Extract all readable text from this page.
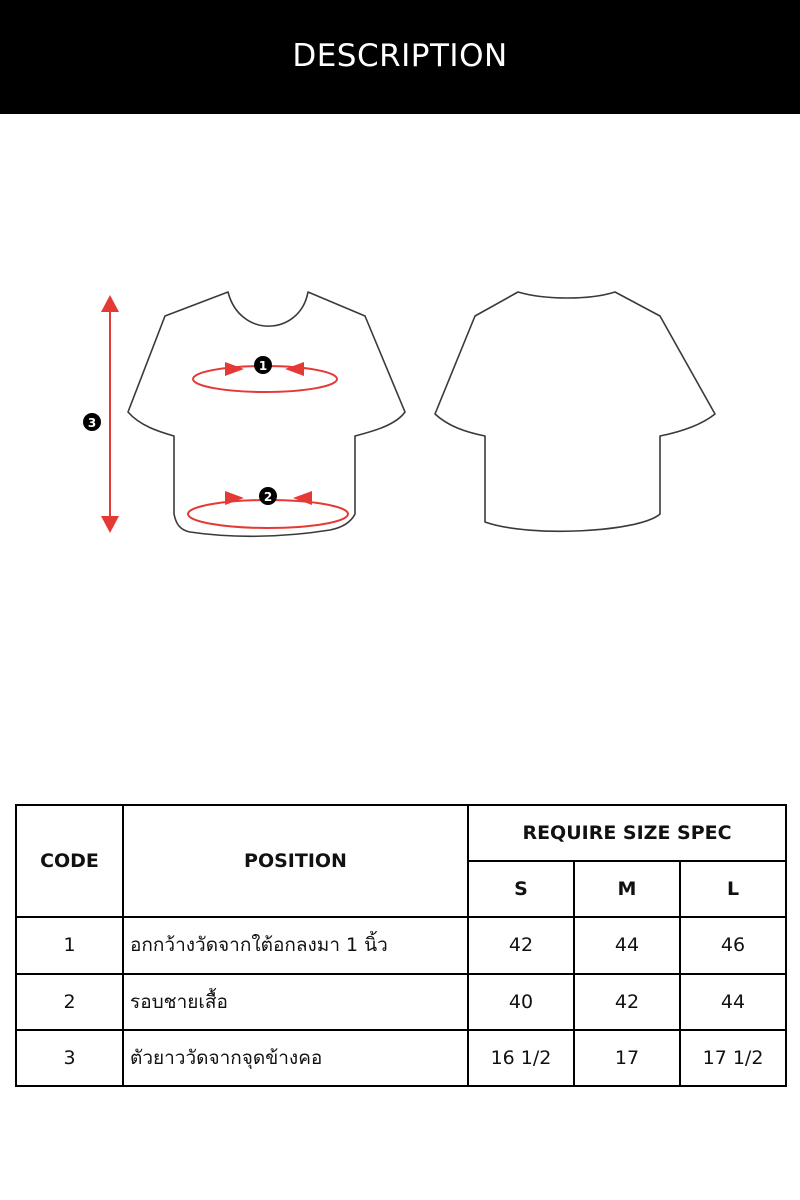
DESCRIPTION
1
2
3
CODE	POSITION	REQUIRE SIZE SPEC		
		S	M	L
1	อกกว้างวัดจากใต้อกลงมา 1 นิ้ว	42	44	46
2	รอบชายเสื้อ	40	42	44
3	ตัวยาววัดจากจุดข้างคอ	16 1/2	17	17 1/2
